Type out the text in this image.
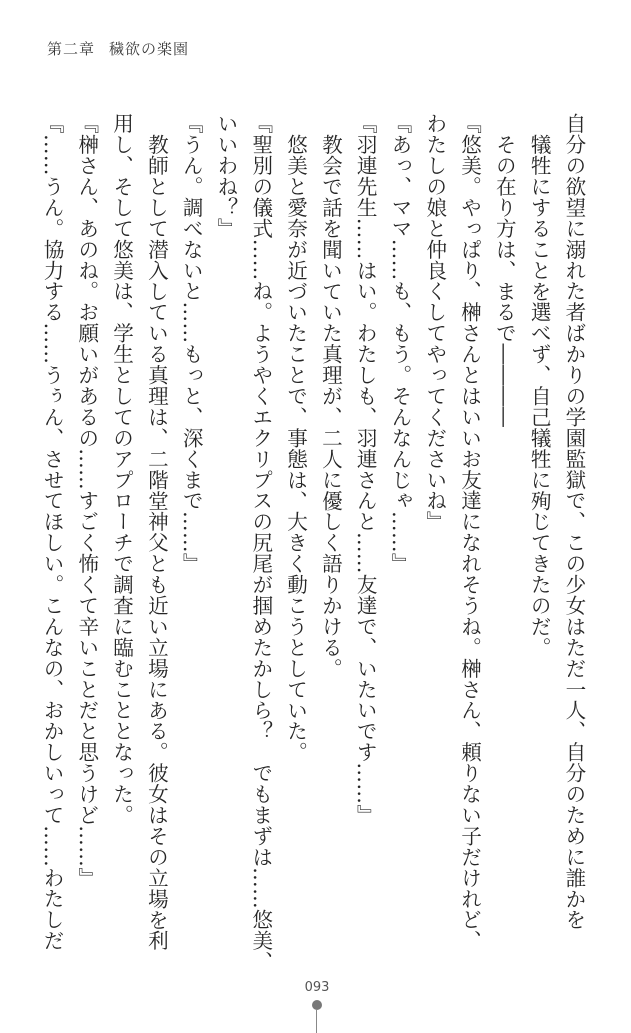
第二章 穢欲の楽園
自分の欲望に溺れた者ばかりの学園監獄で、この少女はただ一人、自分のために誰かを
犠牲にすることを選べず、自己犠牲に殉じてきたのだ。
その在り方は、まるで――――
『悠美。やっぱり、榊さんとはいいお友達になれそうね。榊さん、頼りない子だけれど、
わたしの娘と仲良くしてやってくださいね』
『あっ、ママ……も、もう。そんなんじゃ……』
『羽連先生……はい。わたしも、羽連さんと……友達で、いたいです……』
教会で話を聞いていた真理が、二人に優しく語りかける。
悠美と愛奈が近づいたことで、事態は、大きく動こうとしていた。
『聖別の儀式……ね。ようやくエクリプスの尻尾が掴めたかしら？　でもまずは……悠美、
いいわね？』
『うん。調べないと……もっと、深くまで……』
教師として潜入している真理は、二階堂神父とも近い立場にある。彼女はその立場を利
用し、そして悠美は、学生としてのアプローチで調査に臨むこととなった。
『榊さん、あのね。お願いがあるの……すごく怖くて辛いことだと思うけど……』
『……うん。協力する……うぅん、させてほしい。こんなの、おかしいって……わたしだ
093
